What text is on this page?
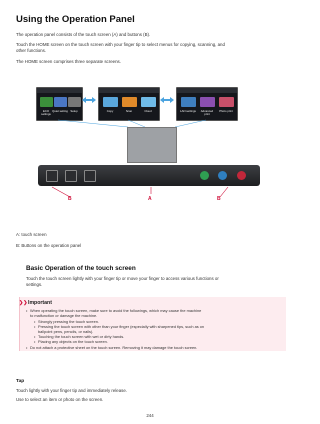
Using the Operation Panel
The operation panel consists of the touch screen (A) and buttons (B).
Touch the HOME screen on the touch screen with your finger tip to select menus for copying, scanning, and
other functions.
The HOME screen comprises three separate screens.
ECO settings
Quiet setting Setup	Copy	Scan	Cloud	LAN settings	Advanced print
Photo print
B	A	B
A: touch screen
B: Buttons on the operation panel
Basic Operation of the touch screen
Touch the touch screen lightly with your finger tip or move your finger to access various functions or
settings.
❯❯ Important
• When operating the touch screen, make sure to avoid the followings, which may cause the machine
to malfunction or damage the machine.
• Strongly pressing the touch screen.
• Pressing the touch screen with other than your finger (especially with sharpened tips, such as on
ballpoint pens, pencils, or nails).
• Touching the touch screen with wet or dirty hands.
• Placing any objects on the touch screen.
• Do not attach a protective sheet on the touch screen. Removing it may damage the touch screen.
Tap
Touch lightly with your finger tip and immediately release.
Use to select an item or photo on the screen.
244
